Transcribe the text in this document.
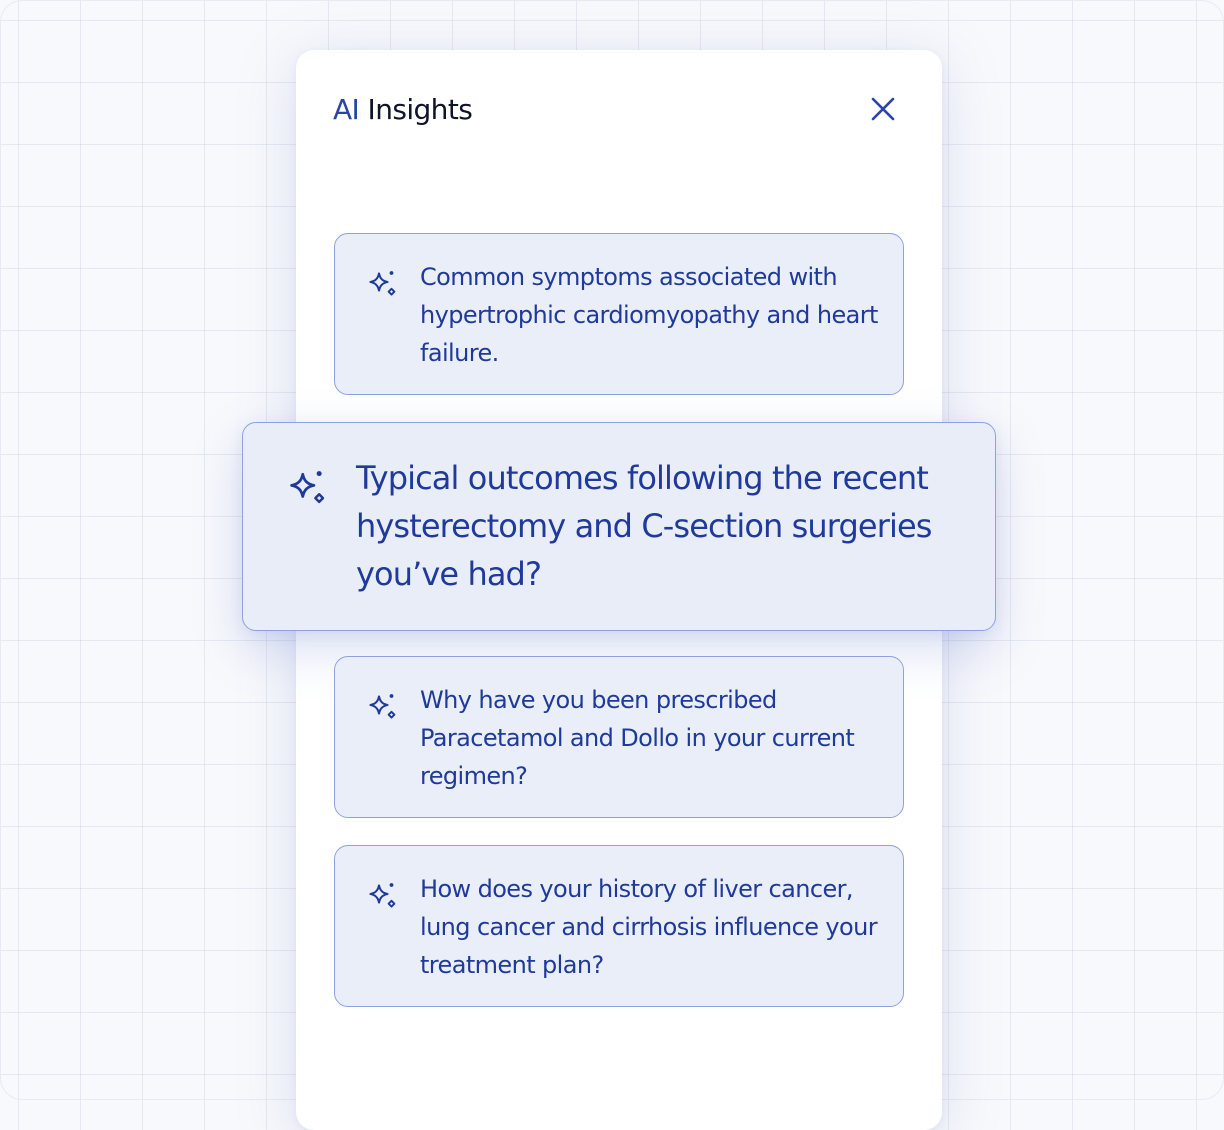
AI Insights
Common symptoms associated with hypertrophic cardiomyopathy and heart failure.
Typical outcomes following the recent hysterectomy and C-section surgeries you’ve had?
Why have you been prescribed Paracetamol and Dollo in your current regimen?
How does your history of liver cancer, lung cancer and cirrhosis influence your treatment plan?
